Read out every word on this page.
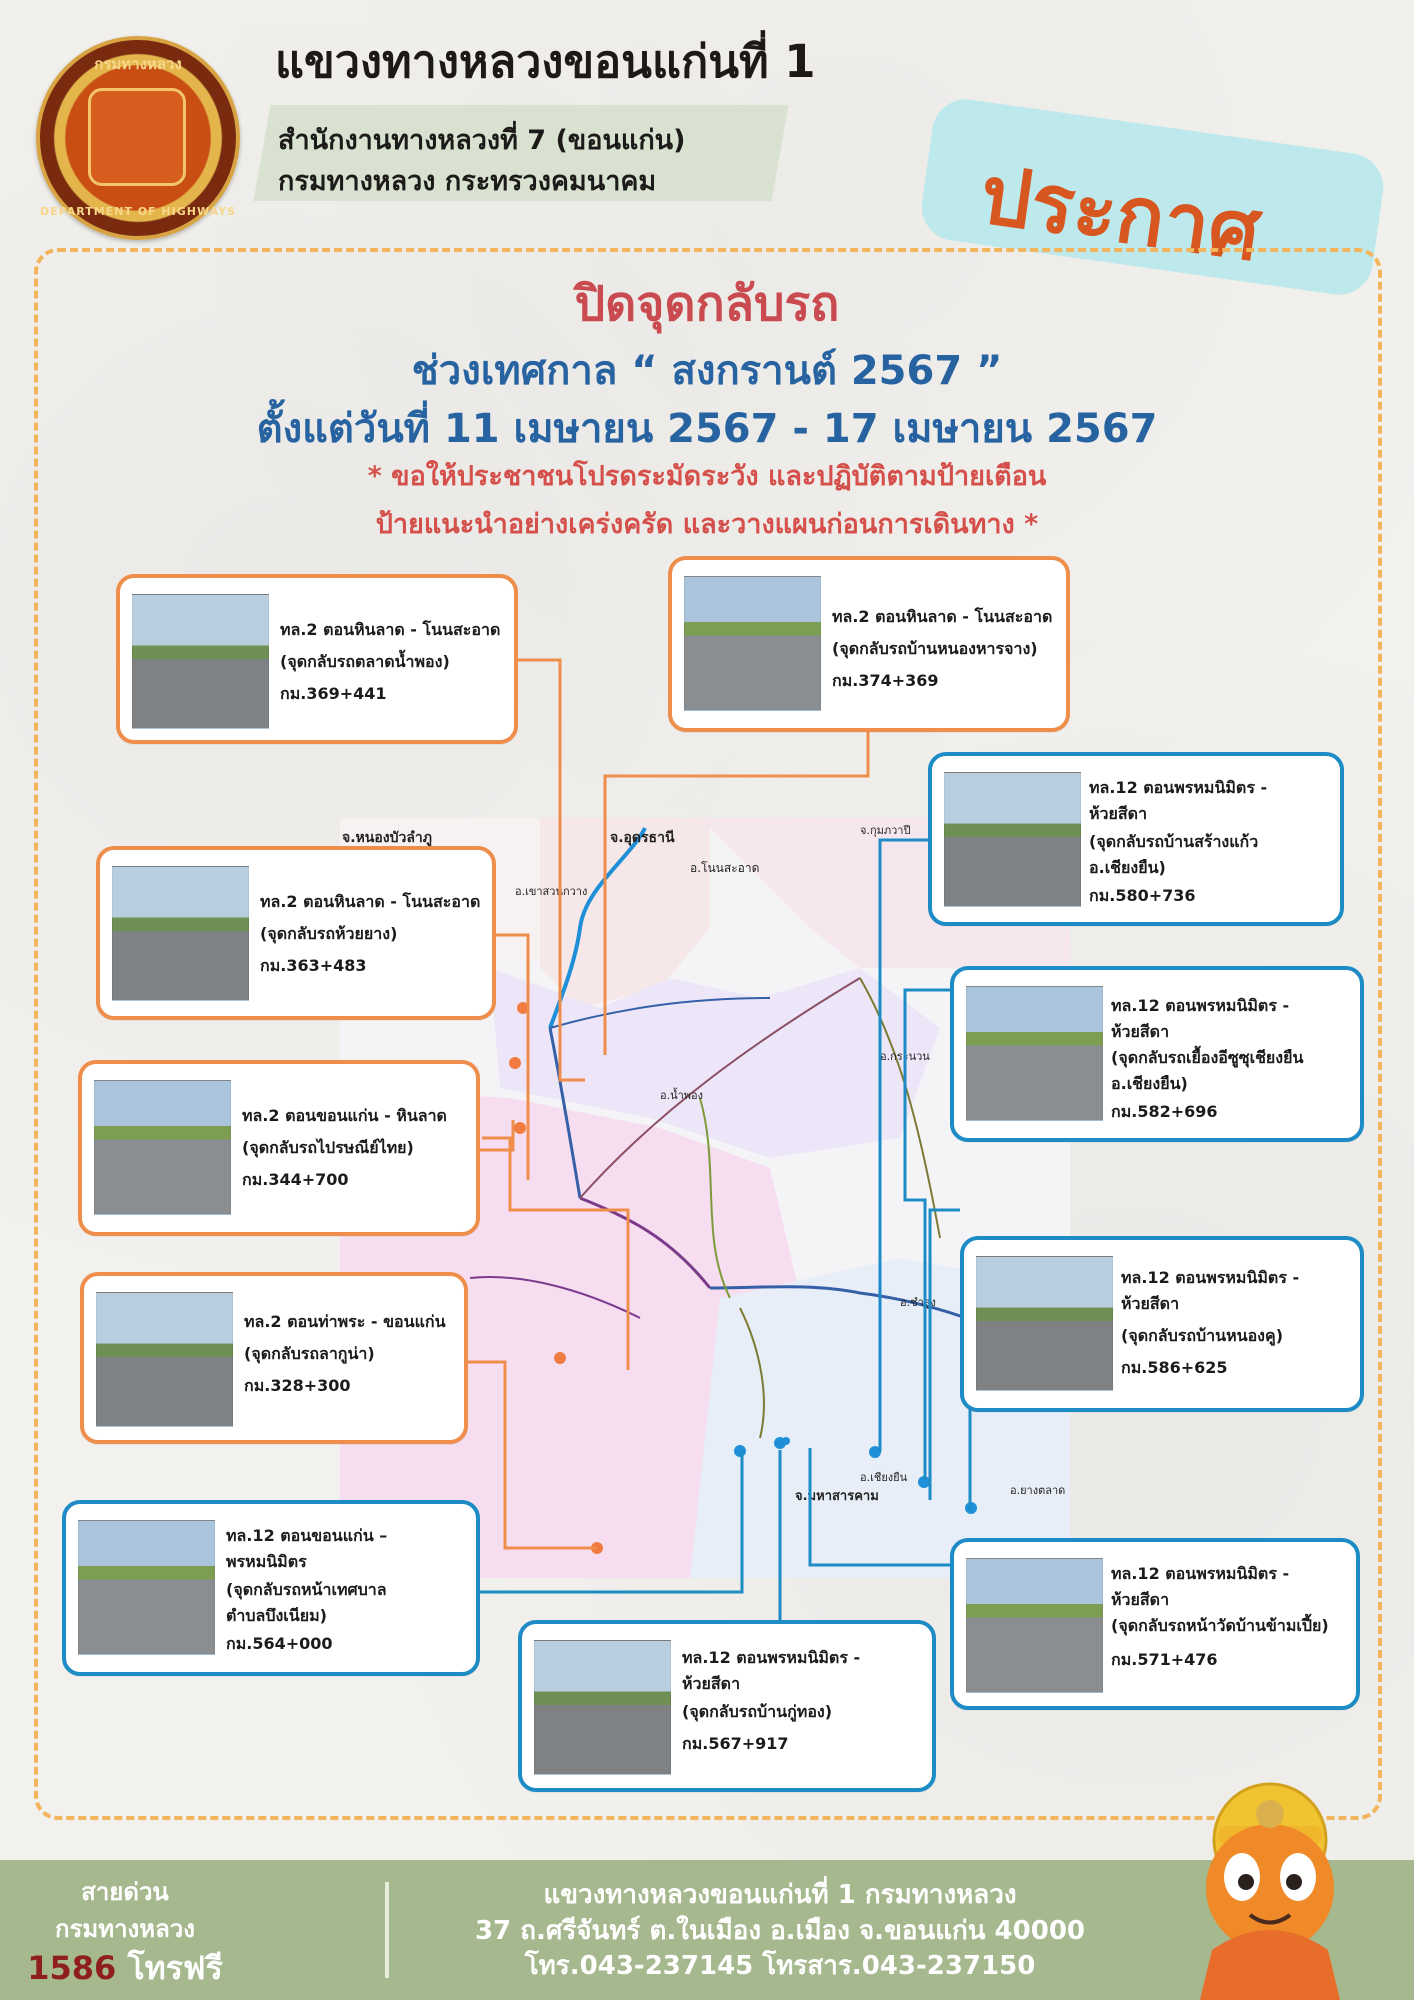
กรมทางหลวง
DEPARTMENT OF HIGHWAYS
แขวงทางหลวงขอนแก่นที่ 1
สำนักงานทางหลวงที่ 7 (ขอนแก่น)
กรมทางหลวง กระทรวงคมนาคม	ประกาศ
ปิดจุดกลับรถ
ช่วงเทศกาล “ สงกรานต์ 2567 ”
ตั้งแต่วันที่ 11 เมษายน 2567 - 17 เมษายน 2567
* ขอให้ประชาชนโปรดระมัดระวัง และปฏิบัติตามป้ายเตือน
ป้ายแนะนำอย่างเคร่งครัด และวางแผนก่อนการเดินทาง *
จ.หนองบัวลำภู	จ.อุดรธานี
อ.โนนสะอาด
อ.เขาสวนกวาง
จ.กุมภวาปี
อ.กระนวน
อ.น้ำพอง
อ.ซำสูง
อ.เชียงยืน
อ.ยางตลาด
จ.มหาสารคาม
ทล.2 ตอนหินลาด - โนนสะอาด
(จุดกลับรถตลาดน้ำพอง)
กม.369+441
ทล.2 ตอนหินลาด - โนนสะอาด
(จุดกลับรถบ้านหนองหารจาง)
กม.374+369
ทล.2 ตอนหินลาด - โนนสะอาด
(จุดกลับรถห้วยยาง)
กม.363+483
ทล.2 ตอนขอนแก่น - หินลาด
(จุดกลับรถไปรษณีย์ไทย)
กม.344+700
ทล.2 ตอนท่าพระ - ขอนแก่น
(จุดกลับรถลากูน่า)
กม.328+300
ทล.12 ตอนพรหมนิมิตร -
ห้วยสีดา
(จุดกลับรถบ้านสร้างแก้ว
อ.เชียงยืน)
กม.580+736
ทล.12 ตอนพรหมนิมิตร -
ห้วยสีดา
(จุดกลับรถเยื้องอีซูซุเชียงยืน
อ.เชียงยืน)
กม.582+696
ทล.12 ตอนพรหมนิมิตร -
ห้วยสีดา
(จุดกลับรถบ้านหนองคู)
กม.586+625
ทล.12 ตอนขอนแก่น –
พรหมนิมิตร
(จุดกลับรถหน้าเทศบาล
ตำบลบึงเนียม)
กม.564+000
ทล.12 ตอนพรหมนิมิตร -
ห้วยสีดา
(จุดกลับรถบ้านกู่ทอง)
กม.567+917
ทล.12 ตอนพรหมนิมิตร -
ห้วยสีดา
(จุดกลับรถหน้าวัดบ้านข้ามเปี้ย)
กม.571+476
สายด่วน
กรมทางหลวง
1586 โทรฟรี
แขวงทางหลวงขอนแก่นที่ 1 กรมทางหลวง
37 ถ.ศรีจันทร์ ต.ในเมือง อ.เมือง จ.ขอนแก่น 40000
โทร.043-237145 โทรสาร.043-237150
